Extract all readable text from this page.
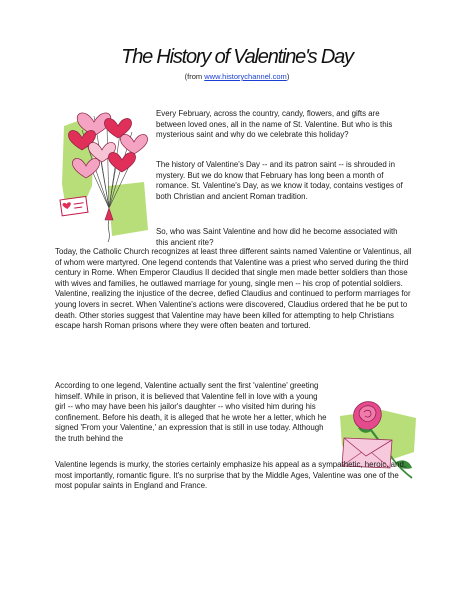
The History of Valentine's Day
(from www.historychannel.com)

Every February, across the country, candy, flowers, and gifts are between loved ones, all in the name of St. Valentine. But who is this mysterious saint and why do we celebrate this holiday?

The history of Valentine's Day -- and its patron saint -- is shrouded in mystery. But we do know that February has long been a month of romance. St. Valentine's Day, as we know it today, contains vestiges of both Christian and ancient Roman tradition.

So, who was Saint Valentine and how did he become associated with this ancient rite?

Today, the Catholic Church recognizes at least three different saints named Valentine or Valentinus, all of whom were martyred. One legend contends that Valentine was a priest who served during the third century in Rome. When Emperor Claudius II decided that single men made better soldiers than those with wives and families, he outlawed marriage for young, single men -- his crop of potential soldiers. Valentine, realizing the injustice of the decree, defied Claudius and continued to perform marriages for young lovers in secret. When Valentine's actions were discovered, Claudius ordered that he be put to death. Other stories suggest that Valentine may have been killed for attempting to help Christians escape harsh Roman prisons where they were often beaten and tortured.

According to one legend, Valentine actually sent the first 'valentine' greeting himself. While in prison, it is believed that Valentine fell in love with a young girl -- who may have been his jailor's daughter -- who visited him during his confinement. Before his death, it is alleged that he wrote her a letter, which he signed 'From your Valentine,' an expression that is still in use today. Although the truth behind the

Valentine legends is murky, the stories certainly emphasize his appeal as a sympathetic, heroic, and, most importantly, romantic figure. It's no surprise that by the Middle Ages, Valentine was one of the most popular saints in England and France.
